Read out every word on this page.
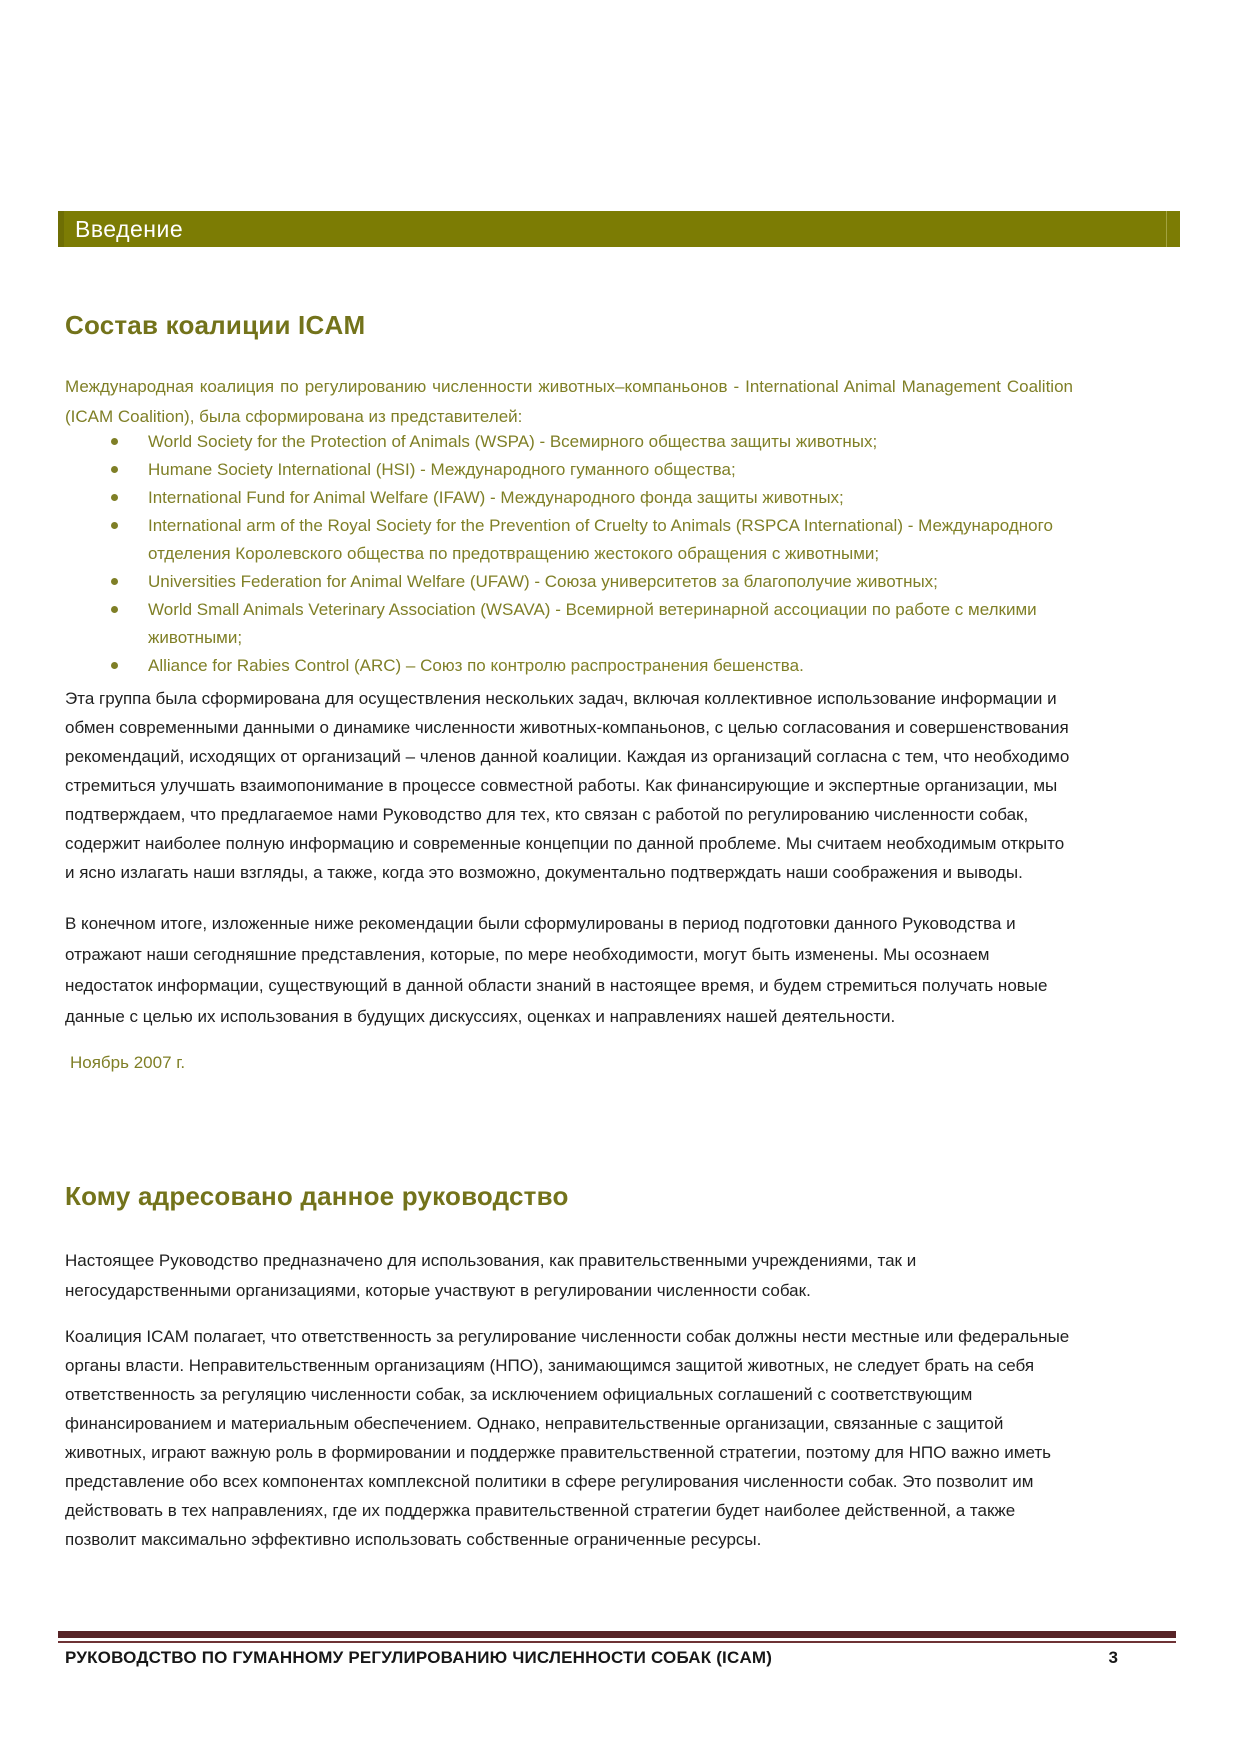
Введение
Состав коалиции ICAM

Международная коалиция по регулированию численности животных–компаньонов - International Animal Management Coalition (ICAM Coalition), была сформирована из представителей:

World Society for the Protection of Animals (WSPA) - Всемирного общества защиты животных;
Humane Society International (HSI) - Международного гуманного общества;
International Fund for Animal Welfare (IFAW) - Международного фонда защиты животных;
International arm of the Royal Society for the Prevention of Cruelty to Animals (RSPCA International) - Международного отделения Королевского общества по предотвращению жестокого обращения с животными;
Universities Federation for Animal Welfare (UFAW) - Союза университетов за благополучие животных;
World Small Animals Veterinary Association (WSAVA) - Всемирной ветеринарной ассоциации по работе с мелкими животными;
Alliance for Rabies Control (ARC) – Союз по контролю распространения бешенства.

Эта группа была сформирована для осуществления нескольких задач, включая коллективное использование информации и обмен современными данными о динамике численности животных-компаньонов, с целью согласования и совершенствования рекомендаций, исходящих от организаций – членов данной коалиции. Каждая из организаций согласна с тем, что необходимо стремиться улучшать взаимопонимание в процессе совместной работы. Как финансирующие и экспертные организации, мы подтверждаем, что предлагаемое нами Руководство для тех, кто связан с работой по регулированию численности собак, содержит наиболее полную информацию и современные концепции по данной проблеме. Мы считаем необходимым открыто и ясно излагать наши взгляды, а также, когда это возможно, документально подтверждать наши соображения и выводы.

В конечном итоге, изложенные ниже рекомендации были сформулированы в период подготовки данного Руководства и отражают наши сегодняшние представления, которые, по мере необходимости, могут быть изменены. Мы осознаем недостаток информации, существующий в данной области знаний в настоящее время, и будем стремиться получать новые данные с целью их использования в будущих дискуссиях, оценках и направлениях нашей деятельности.

Ноябрь 2007 г.
Кому адресовано данное руководство

Настоящее Руководство предназначено для использования, как правительственными учреждениями, так и негосударственными организациями, которые участвуют в регулировании численности собак.

Коалиция ICAM полагает, что ответственность за регулирование численности собак должны нести местные или федеральные органы власти. Неправительственным организациям (НПО), занимающимся защитой животных, не следует брать на себя ответственность за регуляцию численности собак, за исключением официальных соглашений с соответствующим финансированием и материальным обеспечением. Однако, неправительственные организации, связанные с защитой животных, играют важную роль в формировании и поддержке правительственной стратегии, поэтому для НПО важно иметь представление обо всех компонентах комплексной политики в сфере регулирования численности собак. Это позволит им действовать в тех направлениях, где их поддержка правительственной стратегии будет наиболее действенной, а также позволит максимально эффективно использовать собственные ограниченные ресурсы.

РУКОВОДСТВО ПО ГУМАННОМУ РЕГУЛИРОВАНИЮ ЧИСЛЕННОСТИ СОБАК (ICAM)	3
